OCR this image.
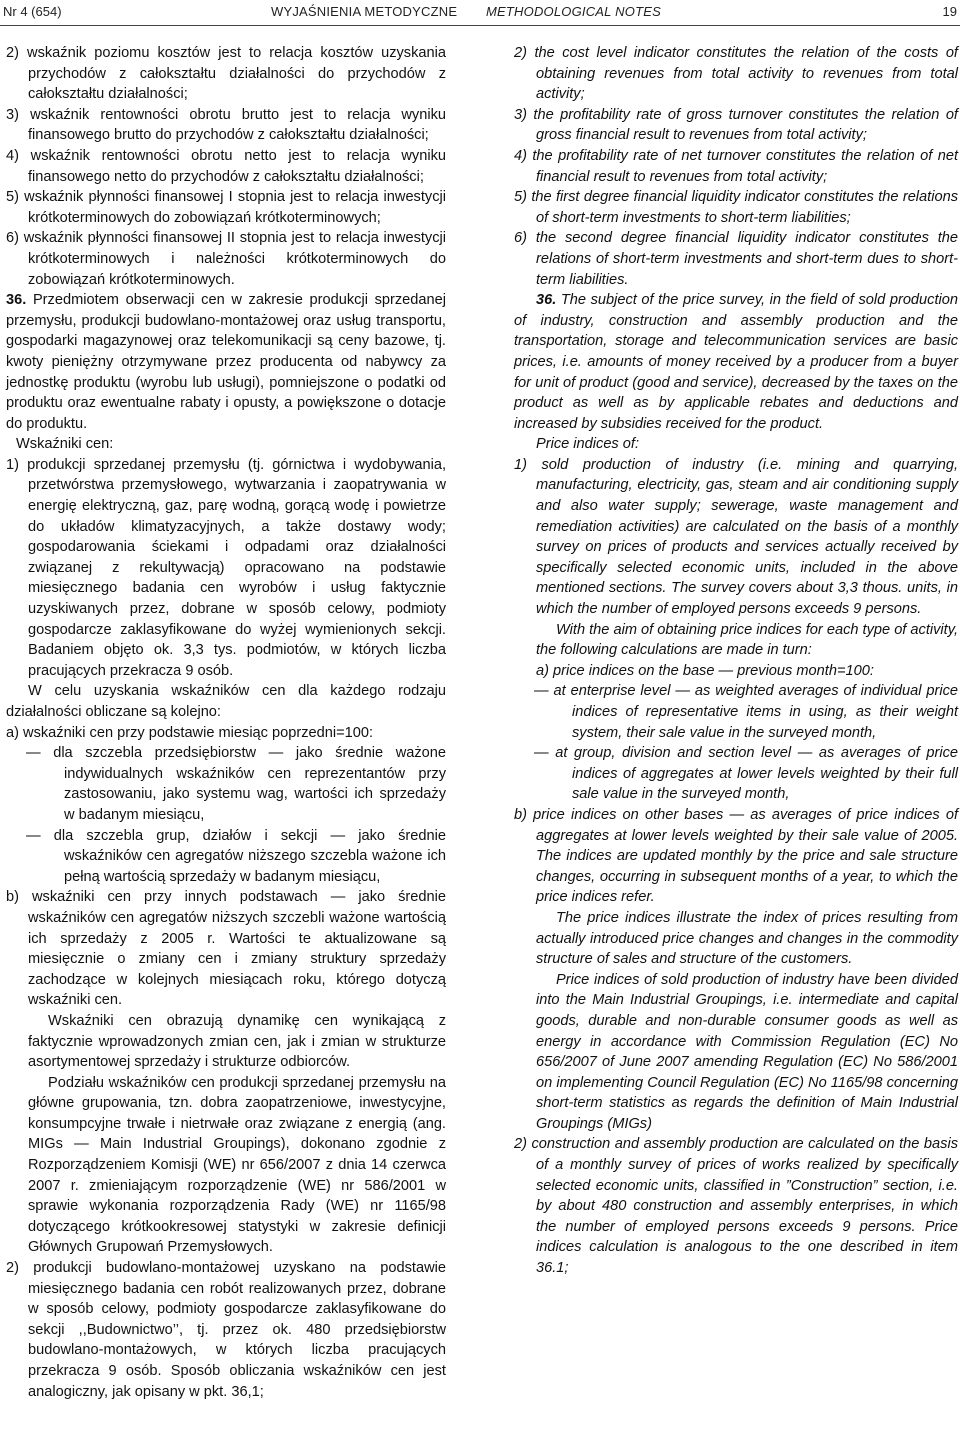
Nr 4 (654)	WYJAŚNIENIA METODYCZNE METHODOLOGICAL NOTES	19

2) wskaźnik poziomu kosztów jest to relacja kosztów uzyskania przychodów z całokształtu działalności do przychodów z całokształtu działalności;

3) wskaźnik rentowności obrotu brutto jest to relacja wyniku finansowego brutto do przychodów z całokształtu działalności;

4) wskaźnik rentowności obrotu netto jest to relacja wyniku finansowego netto do przychodów z całokształtu działalności;

5) wskaźnik płynności finansowej I stopnia jest to relacja inwestycji krótkoterminowych do zobowiązań krótkoterminowych;

6) wskaźnik płynności finansowej II stopnia jest to relacja inwestycji krótkoterminowych i należności krótkoterminowych do zobowiązań krótkoterminowych.

36. Przedmiotem obserwacji cen w zakresie produkcji sprzedanej przemysłu, produkcji budowlano-montażowej oraz usług transportu, gospodarki magazynowej oraz telekomunikacji są ceny bazowe, tj. kwoty pieniężny otrzymywane przez producenta od nabywcy za jednostkę produktu (wyrobu lub usługi), pomniejszone o podatki od produktu oraz ewentualne rabaty i opusty, a powiększone o dotacje do produktu.

Wskaźniki cen:

1) produkcji sprzedanej przemysłu (tj. górnictwa i wydobywania, przetwórstwa przemysłowego, wytwarzania i zaopatrywania w energię elektryczną, gaz, parę wodną, gorącą wodę i powietrze do układów klimatyzacyjnych, a także dostawy wody; gospodarowania ściekami i odpadami oraz działalności związanej z rekultywacją) opracowano na podstawie miesięcznego badania cen wyrobów i usług faktycznie uzyskiwanych przez, dobrane w sposób celowy, podmioty gospodarcze zaklasyfikowane do wyżej wymienionych sekcji. Badaniem objęto ok. 3,3 tys. podmiotów, w których liczba pracujących przekracza 9 osób.

W celu uzyskania wskaźników cen dla każdego rodzaju działalności obliczane są kolejno:

a) wskaźniki cen przy podstawie miesiąc poprzedni=100:

— dla szczebla przedsiębiorstw — jako średnie ważone indywidualnych wskaźników cen reprezentantów przy zastosowaniu, jako systemu wag, wartości ich sprzedaży w badanym miesiącu,

— dla szczebla grup, działów i sekcji — jako średnie wskaźników cen agregatów niższego szczebla ważone ich pełną wartością sprzedaży w badanym miesiącu,

b) wskaźniki cen przy innych podstawach — jako średnie wskaźników cen agregatów niższych szczebli ważone wartością ich sprzedaży z 2005 r. Wartości te aktualizowane są miesięcznie o zmiany cen i zmiany struktury sprzedaży zachodzące w kolejnych miesiącach roku, którego dotyczą wskaźniki cen.

Wskaźniki cen obrazują dynamikę cen wynikającą z faktycznie wprowadzonych zmian cen, jak i zmian w strukturze asortymentowej sprzedaży i strukturze odbiorców.

Podziału wskaźników cen produkcji sprzedanej przemysłu na główne grupowania, tzn. dobra zaopatrzeniowe, inwestycyjne, konsumpcyjne trwałe i nietrwałe oraz związane z energią (ang. MIGs — Main Industrial Groupings), dokonano zgodnie z Rozporządzeniem Komisji (WE) nr 656/2007 z dnia 14 czerwca 2007 r. zmieniającym rozporządzenie (WE) nr 586/2001 w sprawie wykonania rozporządzenia Rady (WE) nr 1165/98 dotyczącego krótkookresowej statystyki w zakresie definicji Głównych Grupowań Przemysłowych.

2) produkcji budowlano-montażowej uzyskano na podstawie miesięcznego badania cen robót realizowanych przez, dobrane w sposób celowy, podmioty gospodarcze zaklasyfikowane do sekcji ,,Budownictwo’’, tj. przez ok. 480 przedsiębiorstw budowlano-montażowych, w których liczba pracujących przekracza 9 osób. Sposób obliczania wskaźników cen jest analogiczny, jak opisany w pkt. 36,1;

2) the cost level indicator constitutes the relation of the costs of obtaining revenues from total activity to revenues from total activity;

3) the profitability rate of gross turnover constitutes the relation of gross financial result to revenues from total activity;

4) the profitability rate of net turnover constitutes the relation of net financial result to revenues from total activity;

5) the first degree financial liquidity indicator constitutes the relations of short-term investments to short-term liabilities;

6) the second degree financial liquidity indicator constitutes the relations of short-term investments and short-term dues to short-term liabilities.

36. The subject of the price survey, in the field of sold production of industry, construction and assembly production and the transportation, storage and telecommunication services are basic prices, i.e. amounts of money received by a producer from a buyer for unit of product (good and service), decreased by the taxes on the product as well as by applicable rebates and deductions and increased by subsidies received for the product.

Price indices of:

1) sold production of industry (i.e. mining and quarrying, manufacturing, electricity, gas, steam and air conditioning supply and also water supply; sewerage, waste management and remediation activities) are calculated on the basis of a monthly survey on prices of products and services actually received by specifically selected economic units, included in the above mentioned sections. The survey covers about 3,3 thous. units, in which the number of employed persons exceeds 9 persons.

With the aim of obtaining price indices for each type of activity, the following calculations are made in turn:

a) price indices on the base — previous month=100:

— at enterprise level — as weighted averages of individual price indices of representative items in using, as their weight system, their sale value in the surveyed month,

— at group, division and section level — as averages of price indices of aggregates at lower levels weighted by their full sale value in the surveyed month,

b) price indices on other bases — as averages of price indices of aggregates at lower levels weighted by their sale value of 2005. The indices are updated monthly by the price and sale structure changes, occurring in subsequent months of a year, to which the price indices refer.

The price indices illustrate the index of prices resulting from actually introduced price changes and changes in the commodity structure of sales and structure of the customers.

Price indices of sold production of industry have been divided into the Main Industrial Groupings, i.e. intermediate and capital goods, durable and non-durable consumer goods as well as energy in accordance with Commission Regulation (EC) No 656/2007 of June 2007 amending Regulation (EC) No 586/2001 on implementing Council Regulation (EC) No 1165/98 concerning short-term statistics as regards the definition of Main Industrial Groupings (MIGs)

2) construction and assembly production are calculated on the basis of a monthly survey of prices of works realized by specifically selected economic units, classified in ”Construction” section, i.e. by about 480 construction and assembly enterprises, in which the number of employed persons exceeds 9 persons. Price indices calculation is analogous to the one described in item 36.1;
